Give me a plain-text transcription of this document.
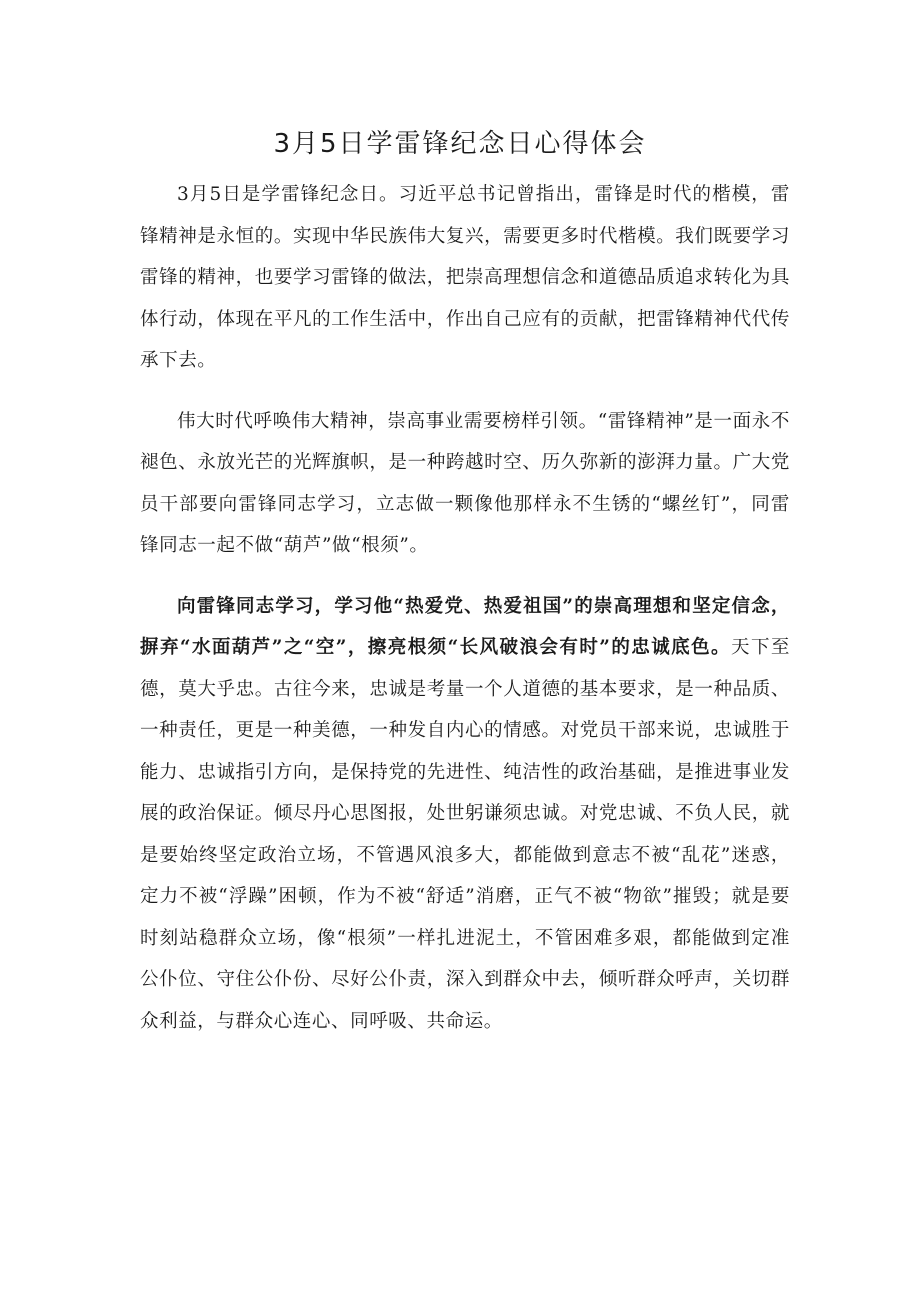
3月5日学雷锋纪念日心得体会

3月5日是学雷锋纪念日。习近平总书记曾指出，雷锋是时代的楷模，雷锋精神是永恒的。实现中华民族伟大复兴，需要更多时代楷模。我们既要学习雷锋的精神，也要学习雷锋的做法，把崇高理想信念和道德品质追求转化为具体行动，体现在平凡的工作生活中，作出自己应有的贡献，把雷锋精神代代传承下去。

伟大时代呼唤伟大精神，崇高事业需要榜样引领。“雷锋精神”是一面永不褪色、永放光芒的光辉旗帜，是一种跨越时空、历久弥新的澎湃力量。广大党员干部要向雷锋同志学习，立志做一颗像他那样永不生锈的“螺丝钉”，同雷锋同志一起不做“葫芦”做“根须”。

向雷锋同志学习，学习他“热爱党、热爱祖国”的崇高理想和坚定信念，摒弃“水面葫芦”之“空”，擦亮根须“长风破浪会有时”的忠诚底色。天下至德，莫大乎忠。古往今来，忠诚是考量一个人道德的基本要求，是一种品质、一种责任，更是一种美德，一种发自内心的情感。对党员干部来说，忠诚胜于能力、忠诚指引方向，是保持党的先进性、纯洁性的政治基础，是推进事业发展的政治保证。倾尽丹心思图报，处世躬谦须忠诚。对党忠诚、不负人民，就是要始终坚定政治立场，不管遇风浪多大，都能做到意志不被“乱花”迷惑，定力不被“浮躁”困顿，作为不被“舒适”消磨，正气不被“物欲”摧毁；就是要时刻站稳群众立场，像“根须”一样扎进泥土，不管困难多艰，都能做到定准公仆位、守住公仆份、尽好公仆责，深入到群众中去，倾听群众呼声，关切群众利益，与群众心连心、同呼吸、共命运。
